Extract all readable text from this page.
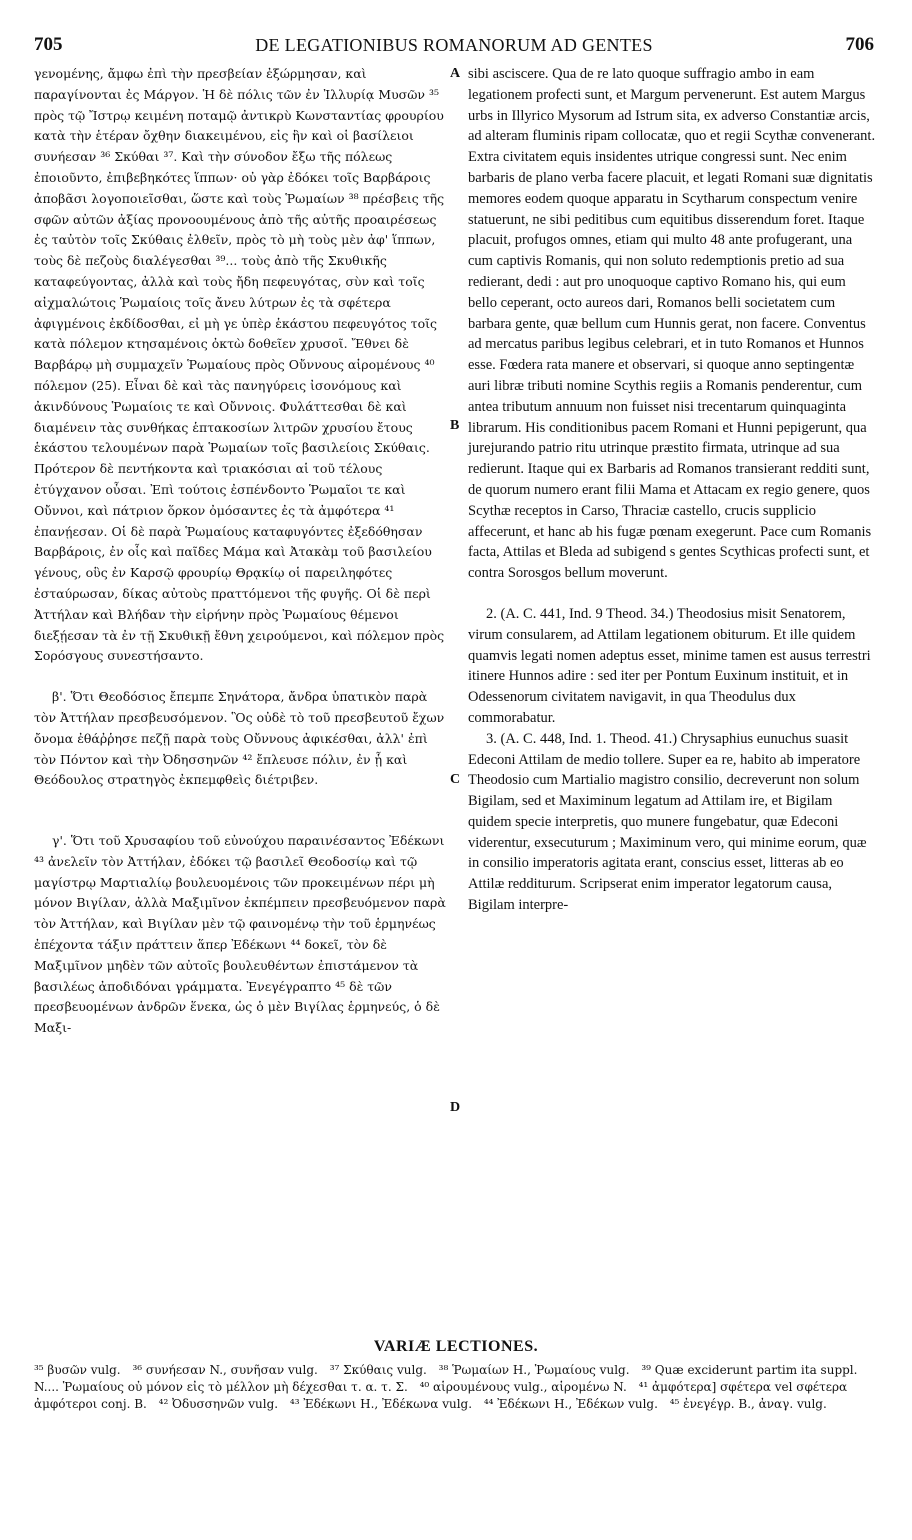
705	DE LEGATIONIBUS ROMANORUM AD GENTES	706

γενομένης, ἄμφω ἐπὶ τὴν πρεσβείαν ἐξώρμησαν, καὶ παραγίνονται ἐς Μάργον. Ἡ δὲ πόλις τῶν ἐν Ἰλλυρίᾳ Μυσῶν ³⁵ πρὸς τῷ Ἴστρῳ κειμένη ποταμῷ ἀντικρὺ Κωνσταντίας φρουρίου κατὰ τὴν ἑτέραν ὄχθην διακειμένου, εἰς ἣν καὶ οἱ βασίλειοι συνήεσαν ³⁶ Σκύθαι ³⁷. Καὶ τὴν σύνοδον ἔξω τῆς πόλεως ἐποιοῦντο, ἐπιβεβηκότες ἵππων· οὐ γὰρ ἐδόκει τοῖς Βαρβάροις ἀποβᾶσι λογοποιεῖσθαι, ὥστε καὶ τοὺς Ῥωμαίων ³⁸ πρέσβεις τῆς σφῶν αὐτῶν ἀξίας προνοουμένους ἀπὸ τῆς αὐτῆς προαιρέσεως ἐς ταὐτὸν τοῖς Σκύθαις ἐλθεῖν, πρὸς τὸ μὴ τοὺς μὲν ἀφ' ἵππων, τοὺς δὲ πεζοὺς διαλέγεσθαι ³⁹... τοὺς ἀπὸ τῆς Σκυθικῆς καταφεύγοντας, ἀλλὰ καὶ τοὺς ἤδη πεφευγότας, σὺν καὶ τοῖς αἰχμαλώτοις Ῥωμαίοις τοῖς ἄνευ λύτρων ἐς τὰ σφέτερα ἀφιγμένοις ἐκδίδοσθαι, εἰ μὴ γε ὑπὲρ ἑκάστου πεφευγότος τοῖς κατὰ πόλεμον κτησαμένοις ὀκτὼ δοθεῖεν χρυσοῖ. Ἔθνει δὲ Βαρβάρῳ μὴ συμμαχεῖν Ῥωμαίους πρὸς Οὔννους αἱρομένους ⁴⁰ πόλεμον (25). Εἶναι δὲ καὶ τὰς πανηγύρεις ἰσονόμους καὶ ἀκινδύνους Ῥωμαίοις τε καὶ Οὔννοις. Φυλάττεσθαι δὲ καὶ διαμένειν τὰς συνθήκας ἑπτακοσίων λιτρῶν χρυσίου ἔτους ἑκάστου τελουμένων παρὰ Ῥωμαίων τοῖς βασιλείοις Σκύθαις. Πρότερον δὲ πεντήκοντα καὶ τριακόσιαι αἱ τοῦ τέλους ἐτύγχανον οὖσαι. Ἐπὶ τούτοις ἐσπένδοντο Ῥωμαῖοι τε καὶ Οὔννοι, καὶ πάτριον ὅρκον ὀμόσαντες ἐς τὰ ἀμφότερα ⁴¹ ἐπανῄεσαν. Οἱ δὲ παρὰ Ῥωμαίους καταφυγόντες ἐξεδόθησαν Βαρβάροις, ἐν οἷς καὶ παῖδες Μάμα καὶ Ἀτακὰμ τοῦ βασιλείου γένους, οὓς ἐν Καρσῷ φρουρίῳ Θρᾳκίῳ οἱ παρειληφότες ἐσταύρωσαν, δίκας αὐτοὺς πραττόμενοι τῆς φυγῆς. Οἱ δὲ περὶ Ἀττήλαν καὶ Βλήδαν τὴν εἰρήνην πρὸς Ῥωμαίους θέμενοι διεξῄεσαν τὰ ἐν τῇ Σκυθικῇ ἔθνη χειρούμενοι, καὶ πόλεμον πρὸς Σορόσγους συνεστήσαντο.

β'. Ὅτι Θεοδόσιος ἔπεμπε Σηνάτορα, ἄνδρα ὑπατικὸν παρὰ τὸν Ἀττήλαν πρεσβευσόμενον. Ὃς οὐδὲ τὸ τοῦ πρεσβευτοῦ ἔχων ὄνομα ἐθάῤῥησε πεζῇ παρὰ τοὺς Οὔννους ἀφικέσθαι, ἀλλ' ἐπὶ τὸν Πόντον καὶ τὴν Ὀδησσηνῶν ⁴² ἔπλευσε πόλιν, ἐν ᾗ καὶ Θεόδουλος στρατηγὸς ἐκπεμφθεὶς διέτριβεν.

γ'. Ὅτι τοῦ Χρυσαφίου τοῦ εὐνούχου παραινέσαντος Ἐδέκωνι ⁴³ ἀνελεῖν τὸν Ἀττήλαν, ἐδόκει τῷ βασιλεῖ Θεοδοσίῳ καὶ τῷ μαγίστρῳ Μαρτιαλίῳ βουλευομένοις τῶν προκειμένων πέρι μὴ μόνον Βιγίλαν, ἀλλὰ Μαξιμῖνον ἐκπέμπειν πρεσβευόμενον παρὰ τὸν Ἀττήλαν, καὶ Βιγίλαν μὲν τῷ φαινομένῳ τὴν τοῦ ἑρμηνέως ἐπέχοντα τάξιν πράττειν ἅπερ Ἐδέκωνι ⁴⁴ δοκεῖ, τὸν δὲ Μαξιμῖνον μηδὲν τῶν αὐτοῖς βουλευθέντων ἐπιστάμενον τὰ βασιλέως ἀποδιδόναι γράμματα. Ἐνεγέγραπτο ⁴⁵ δὲ τῶν πρεσβευομένων ἀνδρῶν ἕνεκα, ὡς ὁ μὲν Βιγίλας ἑρμηνεύς, ὁ δὲ Μαξι-

sibi asciscere. Qua de re lato quoque suffragio ambo in eam legationem profecti sunt, et Margum pervenerunt. Est autem Margus urbs in Illyrico Mysorum ad Istrum sita, ex adverso Constantiæ arcis, ad alteram fluminis ripam collocatæ, quo et regii Scythæ convenerant. Extra civitatem equis insidentes utrique congressi sunt. Nec enim barbaris de plano verba facere placuit, et legati Romani suæ dignitatis memores eodem quoque apparatu in Scytharum conspectum venire statuerunt, ne sibi peditibus cum equitibus disserendum foret. Itaque placuit, profugos omnes, etiam qui multo 48 ante profugerant, una cum captivis Romanis, qui non soluto redemptionis pretio ad sua redierant, dedi : aut pro unoquoque captivo Romano his, qui eum bello ceperant, octo aureos dari, Romanos belli societatem cum barbara gente, quæ bellum cum Hunnis gerat, non facere. Conventus ad mercatus paribus legibus celebrari, et in tuto Romanos et Hunnos esse. Fœdera rata manere et observari, si quoque anno septingentæ auri libræ tributi nomine Scythis regiis a Romanis penderentur, cum antea tributum annuum non fuisset nisi trecentarum quinquaginta librarum. His conditionibus pacem Romani et Hunni pepigerunt, qua jurejurando patrio ritu utrinque præstito firmata, utrinque ad sua redierunt. Itaque qui ex Barbaris ad Romanos transierant redditi sunt, de quorum numero erant filii Mama et Attacam ex regio genere, quos Scythæ receptos in Carso, Thraciæ castello, crucis supplicio affecerunt, et hanc ab his fugæ pœnam exegerunt. Pace cum Romanis facta, Attilas et Bleda ad subigend s gentes Scythicas profecti sunt, et contra Sorosgos bellum moverunt.

2. (A. C. 441, Ind. 9 Theod. 34.) Theodosius misit Senatorem, virum consularem, ad Attilam legationem obiturum. Et ille quidem quamvis legati nomen adeptus esset, minime tamen est ausus terrestri itinere Hunnos adire : sed iter per Pontum Euxinum instituit, et in Odessenorum civitatem navigavit, in qua Theodulus dux commorabatur.

3. (A. C. 448, Ind. 1. Theod. 41.) Chrysaphius eunuchus suasit Edeconi Attilam de medio tollere. Super ea re, habito ab imperatore Theodosio cum Martialio magistro consilio, decreverunt non solum Bigilam, sed et Maximinum legatum ad Attilam ire, et Bigilam quidem specie interpretis, quo munere fungebatur, quæ Edeconi viderentur, exsecuturum ; Maximinum vero, qui minime eorum, quæ in consilio imperatoris agitata erant, conscius esset, litteras ab eo Attilæ redditurum. Scripserat enim imperator legatorum causa, Bigilam interpre-

A
B
C
D
VARIÆ LECTIONES.
³⁵ βυσῶν vulg. ³⁶ συνήεσαν N., συνῆσαν vulg. ³⁷ Σκύθαις vulg. ³⁸ Ῥωμαίων H., Ῥωμαίους vulg. ³⁹ Quæ exciderunt partim ita suppl. N.... Ῥωμαίους οὐ μόνον εἰς τὸ μέλλον μὴ δέχεσθαι τ. α. τ. Σ. ⁴⁰ αἱρουμένους vulg., αἱρομένω N. ⁴¹ ἀμφότερα] σφέτερα vel σφέτερα ἀμφότεροι conj. B. ⁴² Ὀδυσσηνῶν vulg. ⁴³ Ἐδέκωνι H., Ἐδέκωνα vulg. ⁴⁴ Ἐδέκωνι H., Ἐδέκων vulg. ⁴⁵ ἐνεγέγρ. B., ἀναγ. vulg.
